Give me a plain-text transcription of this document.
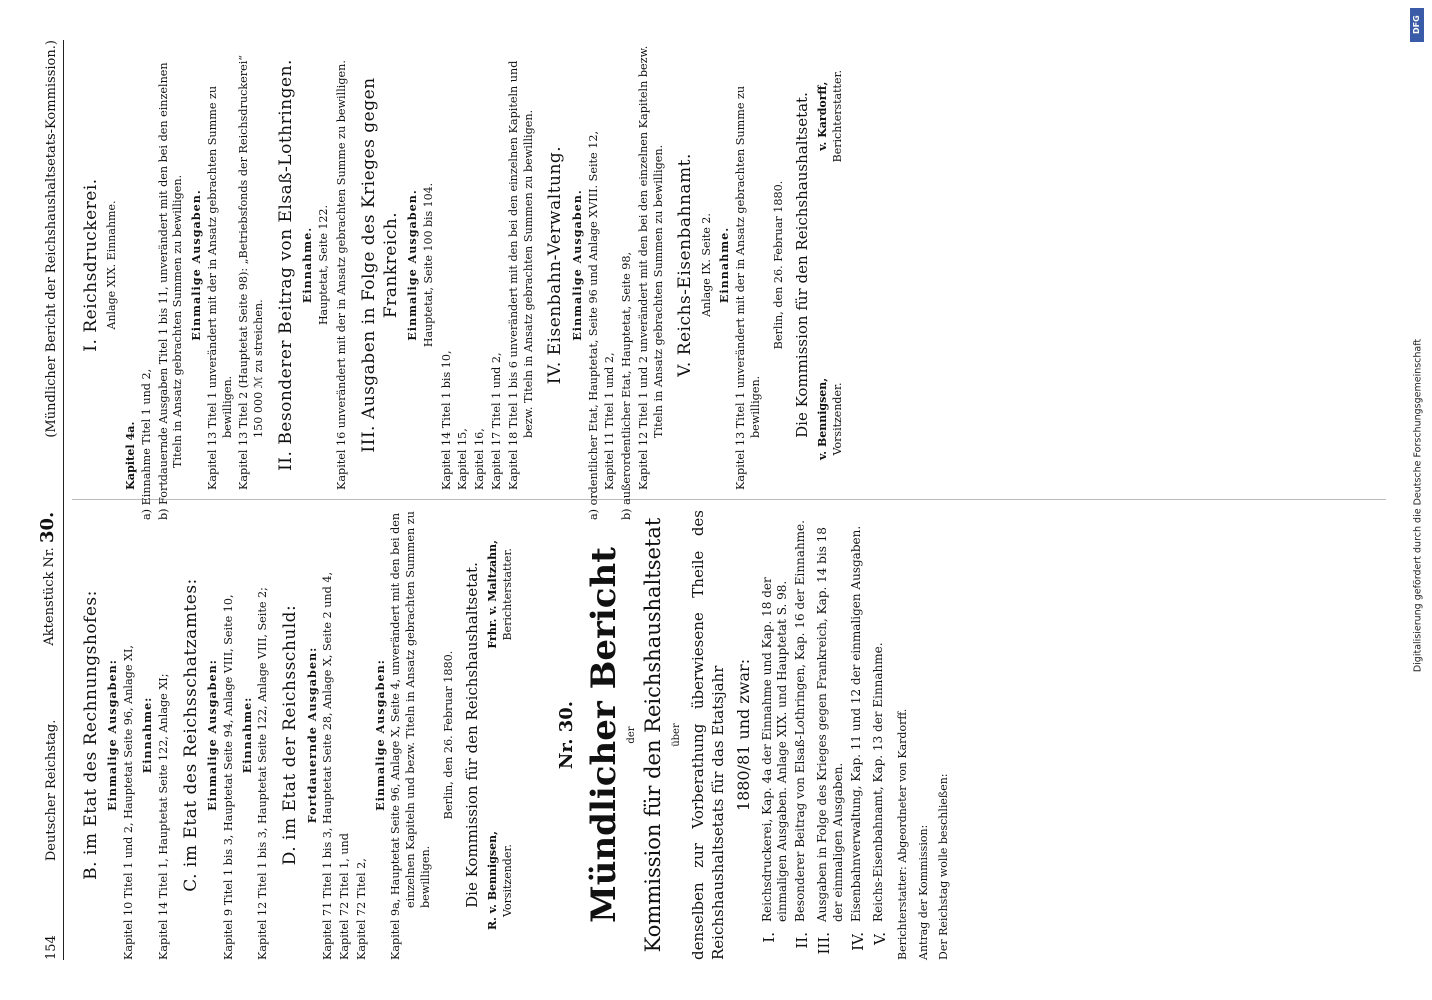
154
Deutscher Reichstag.
Aktenstück Nr. 30.
(Mündlicher Bericht der Reichshaushaltsetats-Kommission.)
B. im Etat des Rechnungshofes: Einmalige Ausgaben: Kapitel 10 Titel 1 und 2, Hauptetat Seite 96, Anlage XI, Einnahme: Kapitel 14 Titel 1, Hauptetat Seite 122, Anlage XI; C. im Etat des Reichsschatzamtes: Einmalige Ausgaben: Kapitel 9 Titel 1 bis 3, Hauptetat Seite 94, Anlage VIII, Seite 10, Einnahme: Kapitel 12 Titel 1 bis 3, Hauptetat Seite 122, Anlage VIII, Seite 2; D. im Etat der Reichsschuld: Fortdauernde Ausgaben: Kapitel 71 Titel 1 bis 3, Hauptetat Seite 28, Anlage X, Seite 2 und 4, Kapitel 72 Titel 1, und Kapitel 72 Titel 2,
Einmalige Ausgaben: Kapitel 9a, Hauptetat Seite 96, Anlage X, Seite 4, unverändert mit den bei den einzelnen Kapiteln und bezw. Titeln in Ansatz gebrachten Summen zu bewilligen.
Berlin, den 26. Februar 1880. Die Kommission für den Reichshaushaltsetat. R. v. Bennigsen, Vorsitzender.
Frhr. v. Maltzahn, Berichterstatter.
Nr. 30. Mündlicher Bericht der Kommission für den Reichshaushaltsetat über denselben zur Vorberathung überwiesene Theile des Reichshaushaltsetats für das Etatsjahr 1880/81 und zwar:
I.
Reichsdruckerei, Kap. 4a der Einnahme und Kap. 18 der einmaligen Ausgaben. Anlage XIX. und Hauptetat S. 98.
II.
Besonderer Beitrag von Elsaß-Lothringen, Kap. 16 der Einnahme.
III.
Ausgaben in Folge des Krieges gegen Frankreich, Kap. 14 bis 18 der einmaligen Ausgaben.
IV.
Eisenbahnverwaltung, Kap. 11 und 12 der einmaligen Ausgaben.
V.
Reichs-Eisenbahnamt, Kap. 13 der Einnahme.	Berichterstatter: Abgeordneter von Kardorff. Antrag der Kommission: Der Reichstag wolle beschließen:
I. Reichsdruckerei. Anlage XIX. Einnahme.
Kapitel 4a. a) Einnahme Titel 1 und 2, b) Fortdauernde Ausgaben Titel 1 bis 11, unverändert mit den bei den einzelnen Titeln in Ansatz gebrachten Summen zu bewilligen. Einmalige Ausgaben. Kapitel 13 Titel 1 unverändert mit der in Ansatz gebrachten Summe zu bewilligen. Kapitel 13 Titel 2 (Hauptetat Seite 98): „Betriebsfonds der Reichsdruckerei“ 150 000 ℳ zu streichen. II. Besonderer Beitrag von Elsaß-Lothringen. Einnahme. Hauptetat, Seite 122. Kapitel 16 unverändert mit der in Ansatz gebrachten Summe zu bewilligen. III. Ausgaben in Folge des Krieges gegen Frankreich. Einmalige Ausgaben. Hauptetat, Seite 100 bis 104.
Kapitel 14 Titel 1 bis 10, Kapitel 15, Kapitel 16, Kapitel 17 Titel 1 und 2, Kapitel 18 Titel 1 bis 6 unverändert mit den bei den einzelnen Kapiteln und bezw. Titeln in Ansatz gebrachten Summen zu bewilligen. IV. Eisenbahn-Verwaltung. Einmalige Ausgaben. a) ordentlicher Etat, Hauptetat, Seite 96 und Anlage XVIII. Seite 12, Kapitel 11 Titel 1 und 2, b) außerordentlicher Etat, Hauptetat, Seite 98, Kapitel 12 Titel 1 und 2 unverändert mit den bei den einzelnen Kapiteln bezw. Titeln in Ansatz gebrachten Summen zu bewilligen. V. Reichs-Eisenbahnamt. Anlage IX. Seite 2. Einnahme. Kapitel 13 Titel 1 unverändert mit der in Ansatz gebrachten Summe zu bewilligen.
Berlin, den 26. Februar 1880. Die Kommission für den Reichshaushaltsetat. v. Bennigsen, Vorsitzender.
v. Kardorff, Berichterstatter.
DFG
Digitalisierung gefördert durch die Deutsche Forschungsgemeinschaft
